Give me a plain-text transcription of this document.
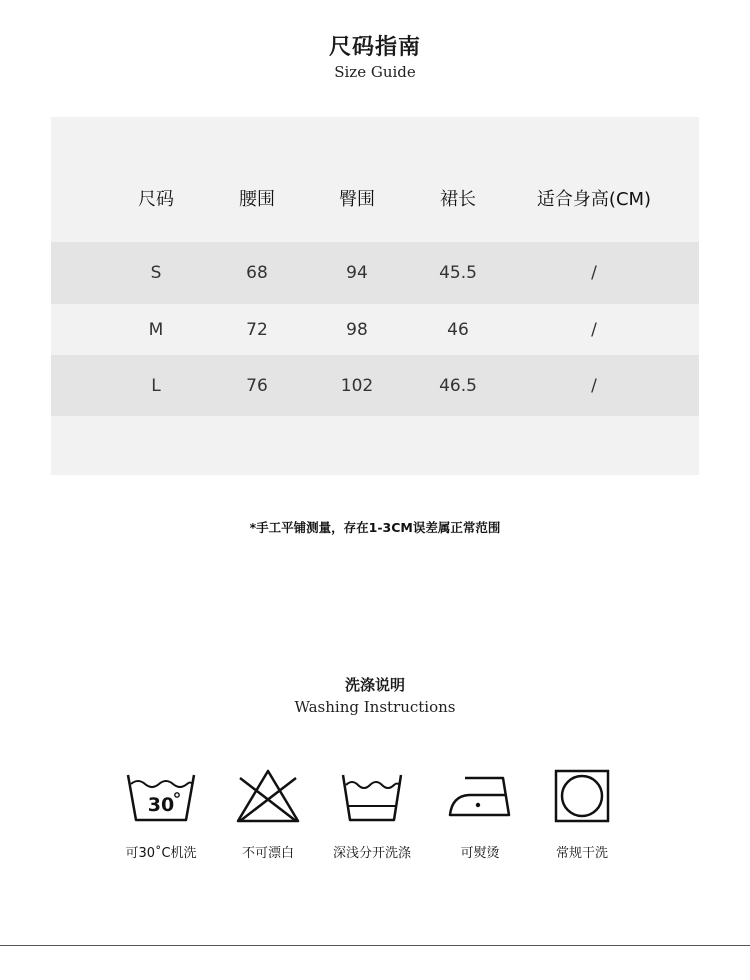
尺码指南
Size Guide
尺码	腰围	臀围	裙长	适合身高(CM)
S	68	94	45.5	/
M	72	98	46	/
L	76	102	46.5	/
*手工平铺测量，存在1-3CM误差属正常范围
洗涤说明
Washing Instructions
30
可30˚C机洗	不可漂白	深浅分开洗涤	可熨烫	常规干洗
